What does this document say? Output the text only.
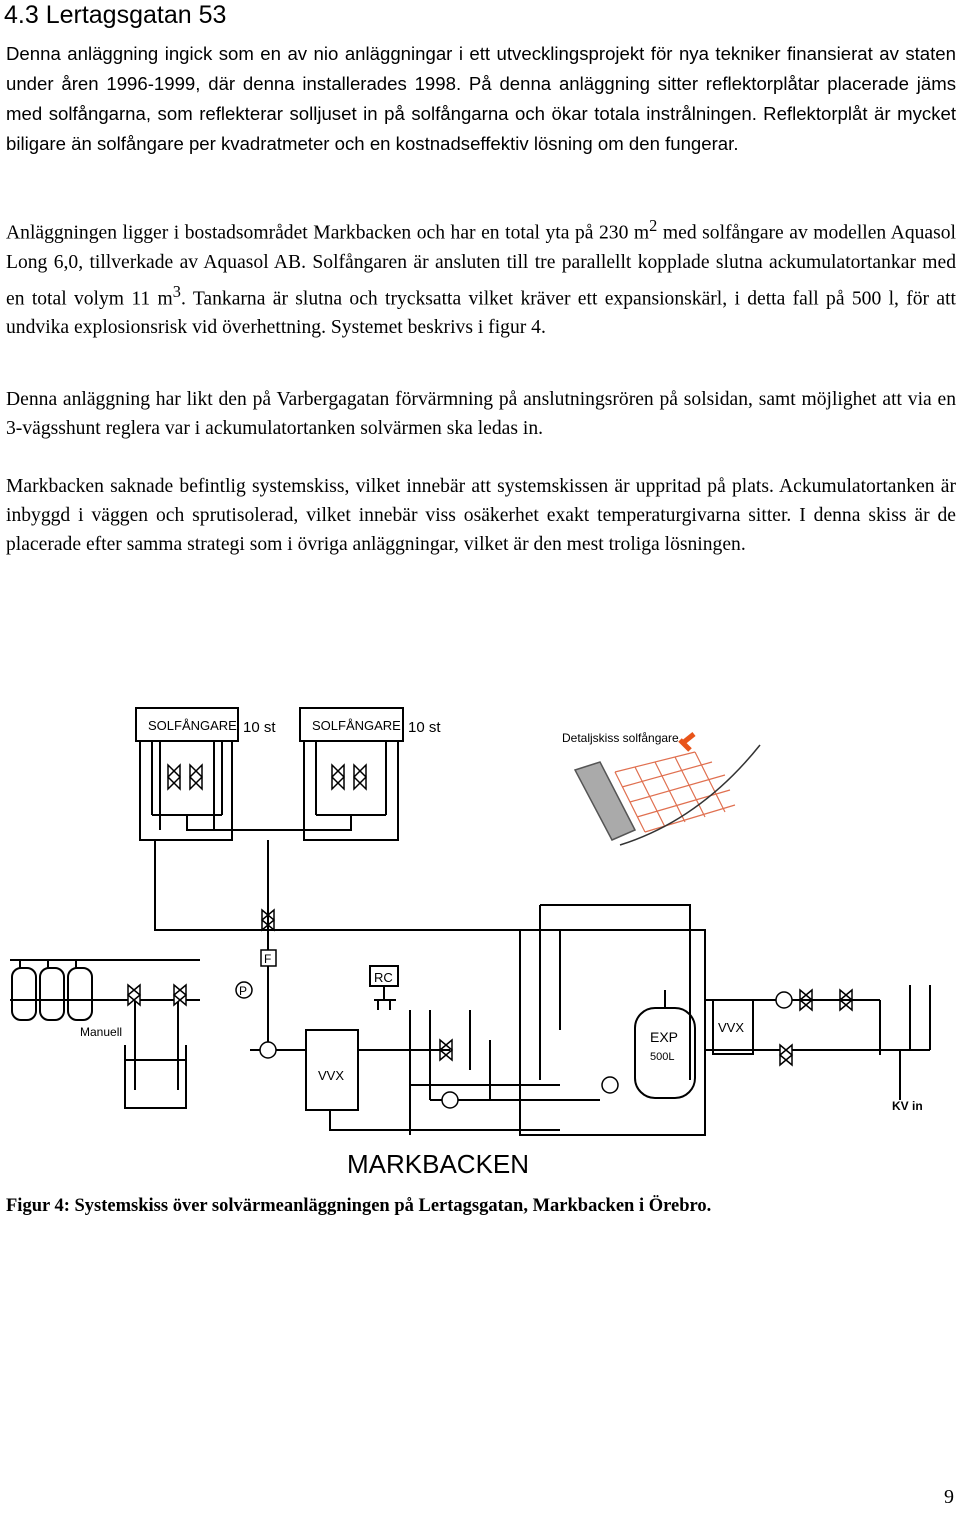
4.3 Lertagsgatan 53

Denna anläggning ingick som en av nio anläggningar i ett utvecklingsprojekt för nya tekniker finansierat av staten under åren 1996-1999, där denna installerades 1998. På denna anläggning sitter reflektorplåtar placerade jäms med solfångarna, som reflekterar solljuset in på solfångarna och ökar totala instrålningen. Reflektorplåt är mycket biligare än solfångare per kvadratmeter och en kostnadseffektiv lösning om den fungerar.

Anläggningen ligger i bostadsområdet Markbacken och har en total yta på 230 $m^2$ med solfångare av modellen Aquasol Long 6,0, tillverkade av Aquasol AB. Solfångaren är ansluten till tre parallellt kopplade slutna ackumulatortankar med en total volym 11 $m^3$. Tankarna är slutna och trycksatta vilket kräver ett expansionskärl, i detta fall på 500 l, för att undvika explosionsrisk vid överhettning. Systemet beskrivs i figur 4.

Denna anläggning har likt den på Varbergagatan förvärmning på anslutningsrören på solsidan, samt möjlighet att via en 3-vägsshunt reglera var i ackumulatortanken solvärmen ska ledas in.

Markbacken saknade befintlig systemskiss, vilket innebär att systemskissen är uppritad på plats. Ackumulatortanken är inbyggd i väggen och sprutisolerad, vilket innebär viss osäkerhet exakt temperaturgivarna sitter. I denna skiss är de placerade efter samma strategi som i övriga anläggningar, vilket är den mest troliga lösningen.

SOLFÅNGARE	SOLFÅNGARE
10 st	10 st
Detaljskiss solfångare
F
P
RC
Manuell
VVX
VVX
EXP
500L
KV in
MARKBACKEN

Figur 4: Systemskiss över solvärmeanläggningen på Lertagsgatan, Markbacken i Örebro.

9
